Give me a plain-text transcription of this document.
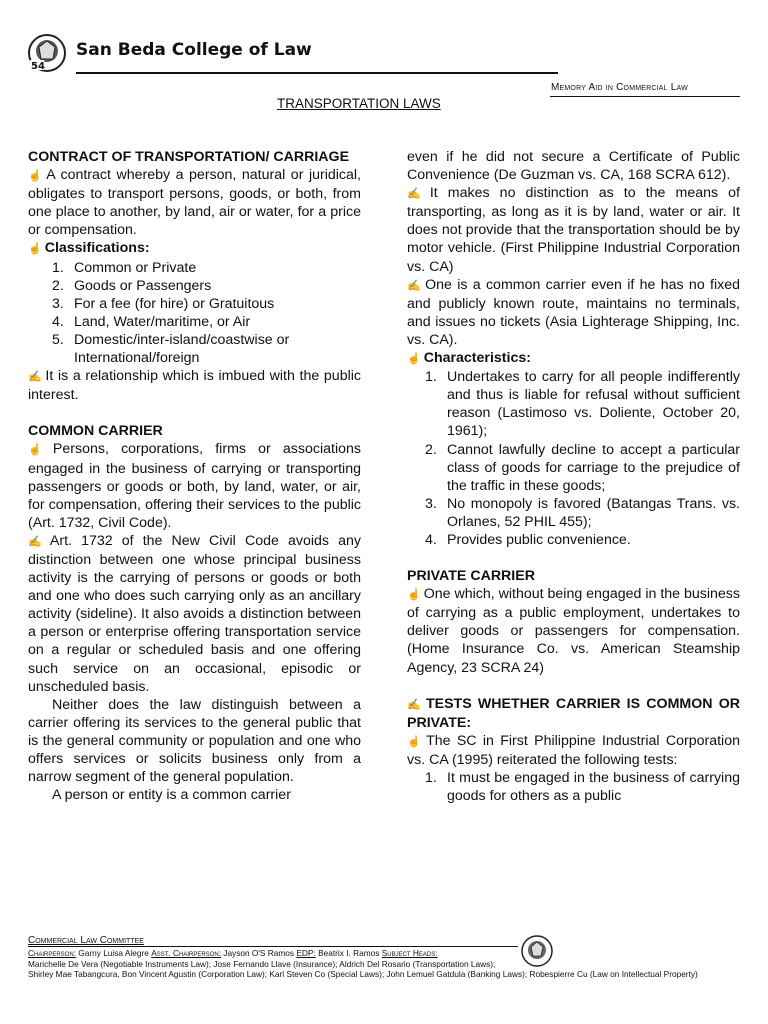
54
San Beda College of Law
Memory Aid in Commercial Law
TRANSPORTATION LAWS

CONTRACT OF TRANSPORTATION/ CARRIAGE

☝ A contract whereby a person, natural or juridical, obligates to transport persons, goods, or both, from one place to another, by land, air or water, for a price or compensation.

☝ Classifications:

1. Common or Private
2. Goods or Passengers
3. For a fee (for hire) or Gratuitous
4. Land, Water/maritime, or Air
5. Domestic/inter-island/coastwise or International/foreign

✍ It is a relationship which is imbued with the public interest.

COMMON CARRIER

☝ Persons, corporations, firms or associations engaged in the business of carrying or transporting passengers or goods or both, by land, water, or air, for compensation, offering their services to the public (Art. 1732, Civil Code).

✍ Art. 1732 of the New Civil Code avoids any distinction between one whose principal business activity is the carrying of persons or goods or both and one who does such carrying only as an ancillary activity (sideline). It also avoids a distinction between a person or enterprise offering transportation service on a regular or scheduled basis and one offering such service on an occasional, episodic or unscheduled basis.

Neither does the law distinguish between a carrier offering its services to the general public that is the general community or population and one who offers services or solicits business only from a narrow segment of the general population.

A person or entity is a common carrier

even if he did not secure a Certificate of Public Convenience (De Guzman vs. CA, 168 SCRA 612).

✍ It makes no distinction as to the means of transporting, as long as it is by land, water or air. It does not provide that the transportation should be by motor vehicle. (First Philippine Industrial Corporation vs. CA)

✍ One is a common carrier even if he has no fixed and publicly known route, maintains no terminals, and issues no tickets (Asia Lighterage Shipping, Inc. vs. CA).

☝ Characteristics:

1. Undertakes to carry for all people indifferently and thus is liable for refusal without sufficient reason (Lastimoso vs. Doliente, October 20, 1961);
2. Cannot lawfully decline to accept a particular class of goods for carriage to the prejudice of the traffic in these goods;
3. No monopoly is favored (Batangas Trans. vs. Orlanes, 52 PHIL 455);
4. Provides public convenience.

PRIVATE CARRIER

☝ One which, without being engaged in the business of carrying as a public employment, undertakes to deliver goods or passengers for compensation. (Home Insurance Co. vs. American Steamship Agency, 23 SCRA 24)

✍ TESTS WHETHER CARRIER IS COMMON OR PRIVATE:

☝ The SC in First Philippine Industrial Corporation vs. CA (1995) reiterated the following tests:

1. It must be engaged in the business of carrying goods for others as a public
Commercial Law Committee
Chairperson: Garny Luisa Alegre Asst. Chairperson: Jayson O'S Ramos EDP: Beatrix I. Ramos Subject Heads:
Marichelle De Vera (Negotiable Instruments Law); Jose Fernando Llave (Insurance); Aldrich Del Rosario (Transportation Laws);
Shirley Mae Tabangcura, Bon Vincent Agustin (Corporation Law); Karl Steven Co (Special Laws); John Lemuel Gatdula (Banking Laws); Robespierre Cu (Law on Intellectual Property)
